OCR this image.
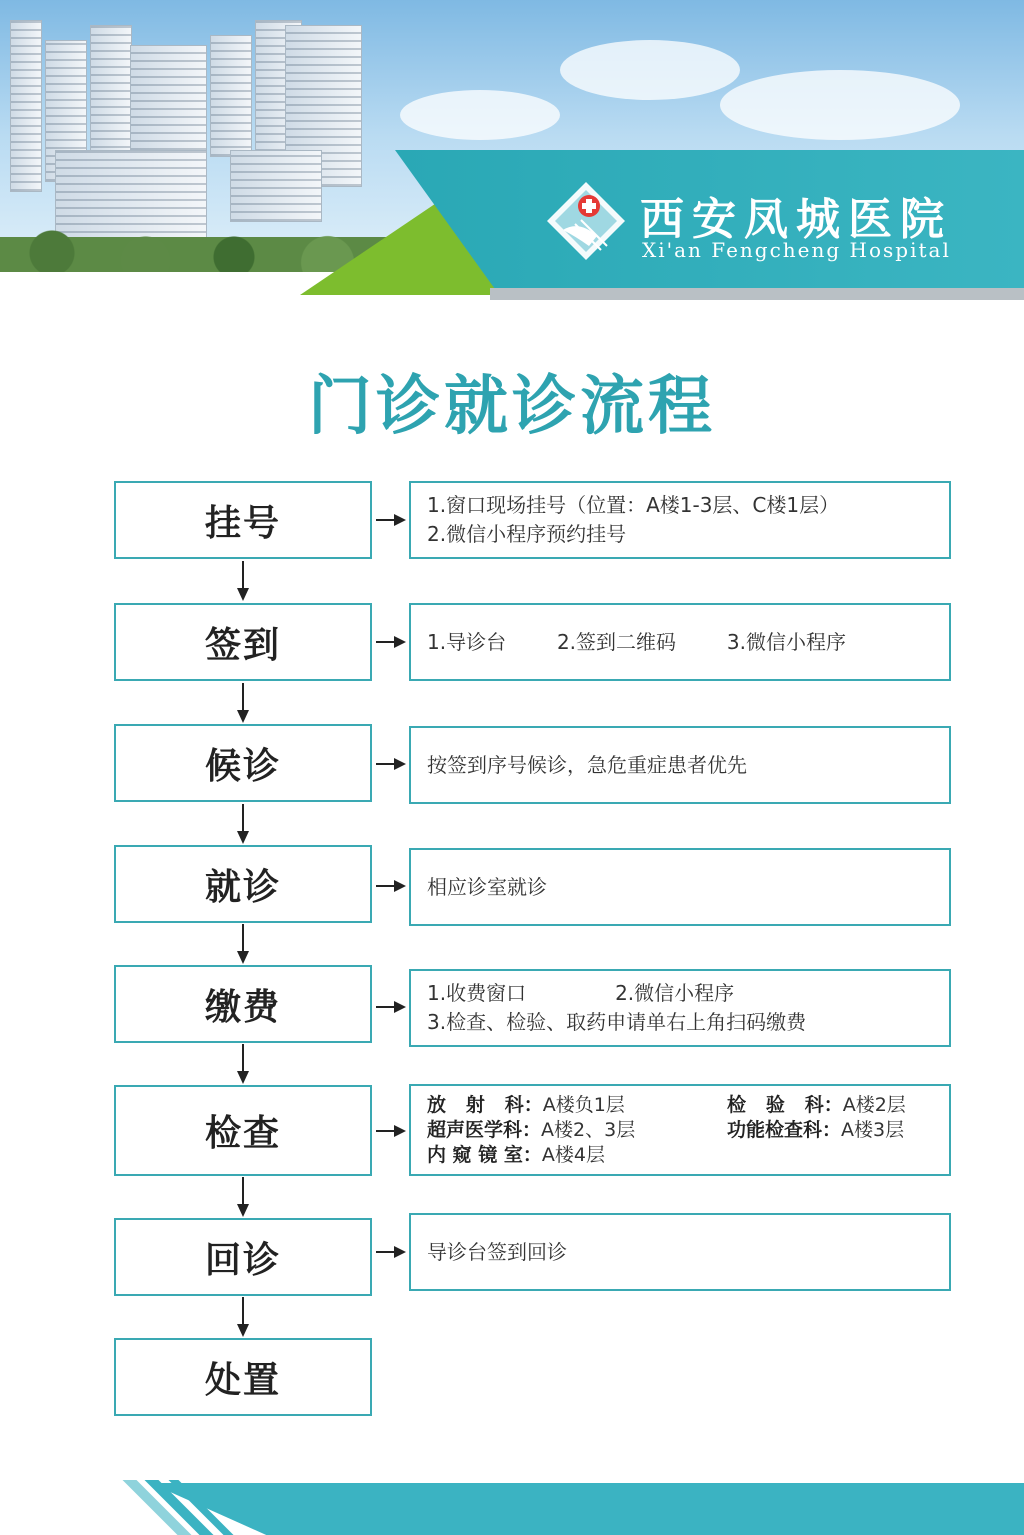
西安凤城医院
Xi'an Fengcheng Hospital
门诊就诊流程
挂号	1.窗口现场挂号（位置：A楼1-3层、C楼1层）
2.微信小程序预约挂号
签到	1.导诊台        2.签到二维码        3.微信小程序
候诊	按签到序号候诊，急危重症患者优先
就诊	相应诊室就诊
缴费	1.收费窗口              2.微信小程序
3.检查、检验、取药申请单右上角扫码缴费
检查
放   射   科：A楼负1层	检   验   科：A楼2层
超声医学科：A楼2、3层	功能检查科：A楼3层
内 窥 镜 室：A楼4层
回诊	导诊台签到回诊
处置
